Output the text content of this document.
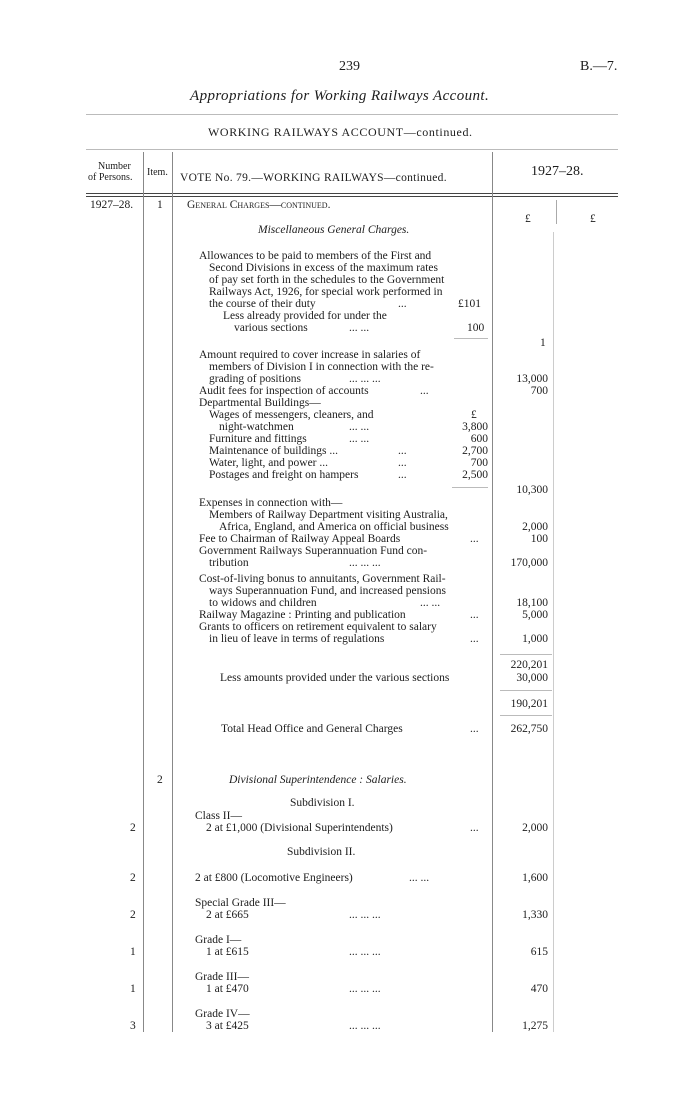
239	B.—7.
Appropriations for Working Railways Account.
WORKING RAILWAYS ACCOUNT—continued.
Number
of Persons. Item. VOTE No. 79.—WORKING RAILWAYS—continued.	1927–28.
1927–28. 1 General Charges—continued.
£	£
Miscellaneous General Charges.
Allowances to be paid to members of the First and
Second Divisions in excess of the maximum rates
of pay set forth in the schedules to the Government
Railways Act, 1926, for special work performed in
the course of their duty	...	£101
Less already provided for under the
various sections	... ...	100
1
Amount required to cover increase in salaries of
members of Division I in connection with the re-
grading of positions	... ... ...	13,000
Audit fees for inspection of accounts	...	700
Departmental Buildings—
£
Wages of messengers, cleaners, and
night-watchmen	... ...	3,800
Furniture and fittings	... ...	600
Maintenance of buildings ...	...	2,700
Water, light, and power ...	...	700
Postages and freight on hampers	...	2,500
10,300
Expenses in connection with—
Members of Railway Department visiting Australia,
Africa, England, and America on official business	2,000
Fee to Chairman of Railway Appeal Boards	...	100
Government Railways Superannuation Fund con-
tribution	... ... ...	170,000
Cost-of-living bonus to annuitants, Government Rail-
ways Superannuation Fund, and increased pensions
to widows and children	... ...	18,100
Railway Magazine : Printing and publication	...	5,000
Grants to officers on retirement equivalent to salary
in lieu of leave in terms of regulations	...	1,000
220,201
Less amounts provided under the various sections	30,000
190,201
Total Head Office and General Charges	...	262,750
2	Divisional Superintendence : Salaries.
Subdivision I.
Class II—
2	2 at £1,000 (Divisional Superintendents)	...	2,000
Subdivision II.
2	2 at £800 (Locomotive Engineers)	... ...	1,600
Special Grade III—
2	2 at £665	... ... ...	1,330
Grade I—
1	1 at £615	... ... ...	615
Grade III—
1	1 at £470	... ... ...	470
Grade IV—
3	3 at £425	... ... ...	1,275
